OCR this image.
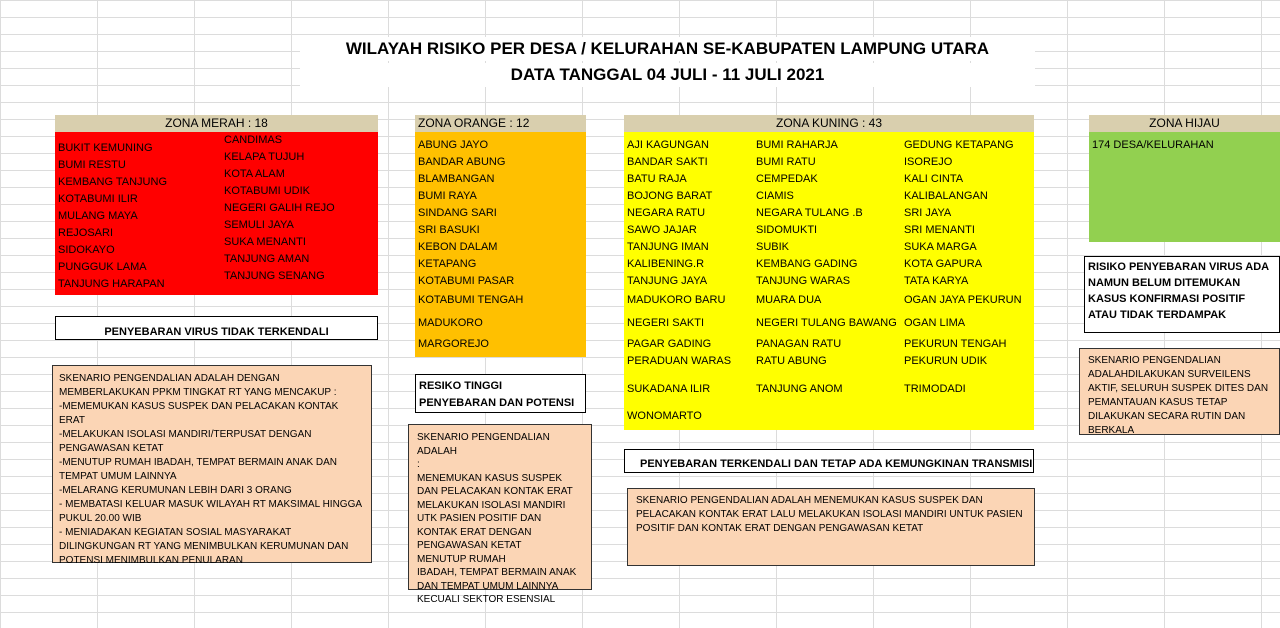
WILAYAH RISIKO PER DESA / KELURAHAN SE-KABUPATEN LAMPUNG UTARA
DATA TANGGAL 04 JULI - 11 JULI 2021
ZONA MERAH : 18
BUKIT KEMUNING
BUMI RESTU
KEMBANG TANJUNG
KOTABUMI ILIR
MULANG MAYA
REJOSARI
SIDOKAYO
PUNGGUK LAMA
TANJUNG HARAPAN
CANDIMAS
KELAPA TUJUH
KOTA ALAM
KOTABUMI UDIK
NEGERI GALIH REJO
SEMULI JAYA
SUKA MENANTI
TANJUNG AMAN
TANJUNG SENANG
PENYEBARAN VIRUS TIDAK TERKENDALI
SKENARIO PENGENDALIAN ADALAH DENGAN MEMBERLAKUKAN PPKM TINGKAT RT YANG MENCAKUP :
-MEMEMUKAN KASUS SUSPEK DAN PELACAKAN KONTAK ERAT
-MELAKUKAN ISOLASI MANDIRI/TERPUSAT DENGAN PENGAWASAN KETAT
-MENUTUP RUMAH IBADAH, TEMPAT BERMAIN ANAK DAN TEMPAT UMUM LAINNYA
-MELARANG KERUMUNAN LEBIH DARI 3 ORANG
- MEMBATASI KELUAR MASUK WILAYAH RT MAKSIMAL HINGGA PUKUL 20.00 WIB
- MENIADAKAN KEGIATAN SOSIAL MASYARAKAT DILINGKUNGAN RT YANG MENIMBULKAN KERUMUNAN DAN POTENSI MENIMBULKAN PENULARAN
ZONA ORANGE : 12
ABUNG JAYO
BANDAR ABUNG
BLAMBANGAN
BUMI RAYA
SINDANG SARI
SRI BASUKI
KEBON DALAM
KETAPANG
KOTABUMI PASAR
KOTABUMI TENGAH
MADUKORO
MARGOREJO
RESIKO TINGGI PENYEBARAN DAN POTENSI
SKENARIO PENGENDALIAN ADALAH
:
MENEMUKAN KASUS SUSPEK DAN PELACAKAN KONTAK ERAT
MELAKUKAN ISOLASI MANDIRI UTK PASIEN POSITIF DAN KONTAK ERAT DENGAN PENGAWASAN KETAT
MENUTUP RUMAH
IBADAH, TEMPAT BERMAIN ANAK DAN TEMPAT UMUM LAINNYA
KECUALI SEKTOR ESENSIAL
ZONA KUNING : 43
AJI KAGUNGAN
BANDAR SAKTI
BATU RAJA
BOJONG BARAT
NEGARA RATU
SAWO JAJAR
TANJUNG IMAN
KALIBENING.R
TANJUNG JAYA
MADUKORO BARU
NEGERI SAKTI
PAGAR GADING
PERADUAN WARAS
SUKADANA ILIR
WONOMARTO
BUMI RAHARJA
BUMI RATU
CEMPEDAK
CIAMIS
NEGARA TULANG .B
SIDOMUKTI
SUBIK
KEMBANG GADING
TANJUNG WARAS
MUARA DUA
NEGERI TULANG BAWANG
PANAGAN RATU
RATU ABUNG
TANJUNG ANOM
GEDUNG KETAPANG
ISOREJO
KALI CINTA
KALIBALANGAN
SRI JAYA
SRI MENANTI
SUKA MARGA
KOTA GAPURA
TATA KARYA
OGAN JAYA PEKURUN
OGAN LIMA
PEKURUN TENGAH
PEKURUN UDIK
TRIMODADI
PENYEBARAN TERKENDALI DAN TETAP ADA KEMUNGKINAN TRANSMISI
SKENARIO PENGENDALIAN ADALAH MENEMUKAN KASUS SUSPEK DAN PELACAKAN KONTAK ERAT LALU MELAKUKAN ISOLASI MANDIRI UNTUK PASIEN POSITIF DAN KONTAK ERAT DENGAN PENGAWASAN KETAT
ZONA HIJAU
174 DESA/KELURAHAN
RISIKO PENYEBARAN VIRUS ADA NAMUN BELUM DITEMUKAN KASUS KONFIRMASI POSITIF ATAU TIDAK TERDAMPAK
SKENARIO PENGENDALIAN ADALAHDILAKUKAN SURVEILENS AKTIF, SELURUH SUSPEK DITES DAN PEMANTAUAN KASUS TETAP DILAKUKAN SECARA RUTIN DAN BERKALA
